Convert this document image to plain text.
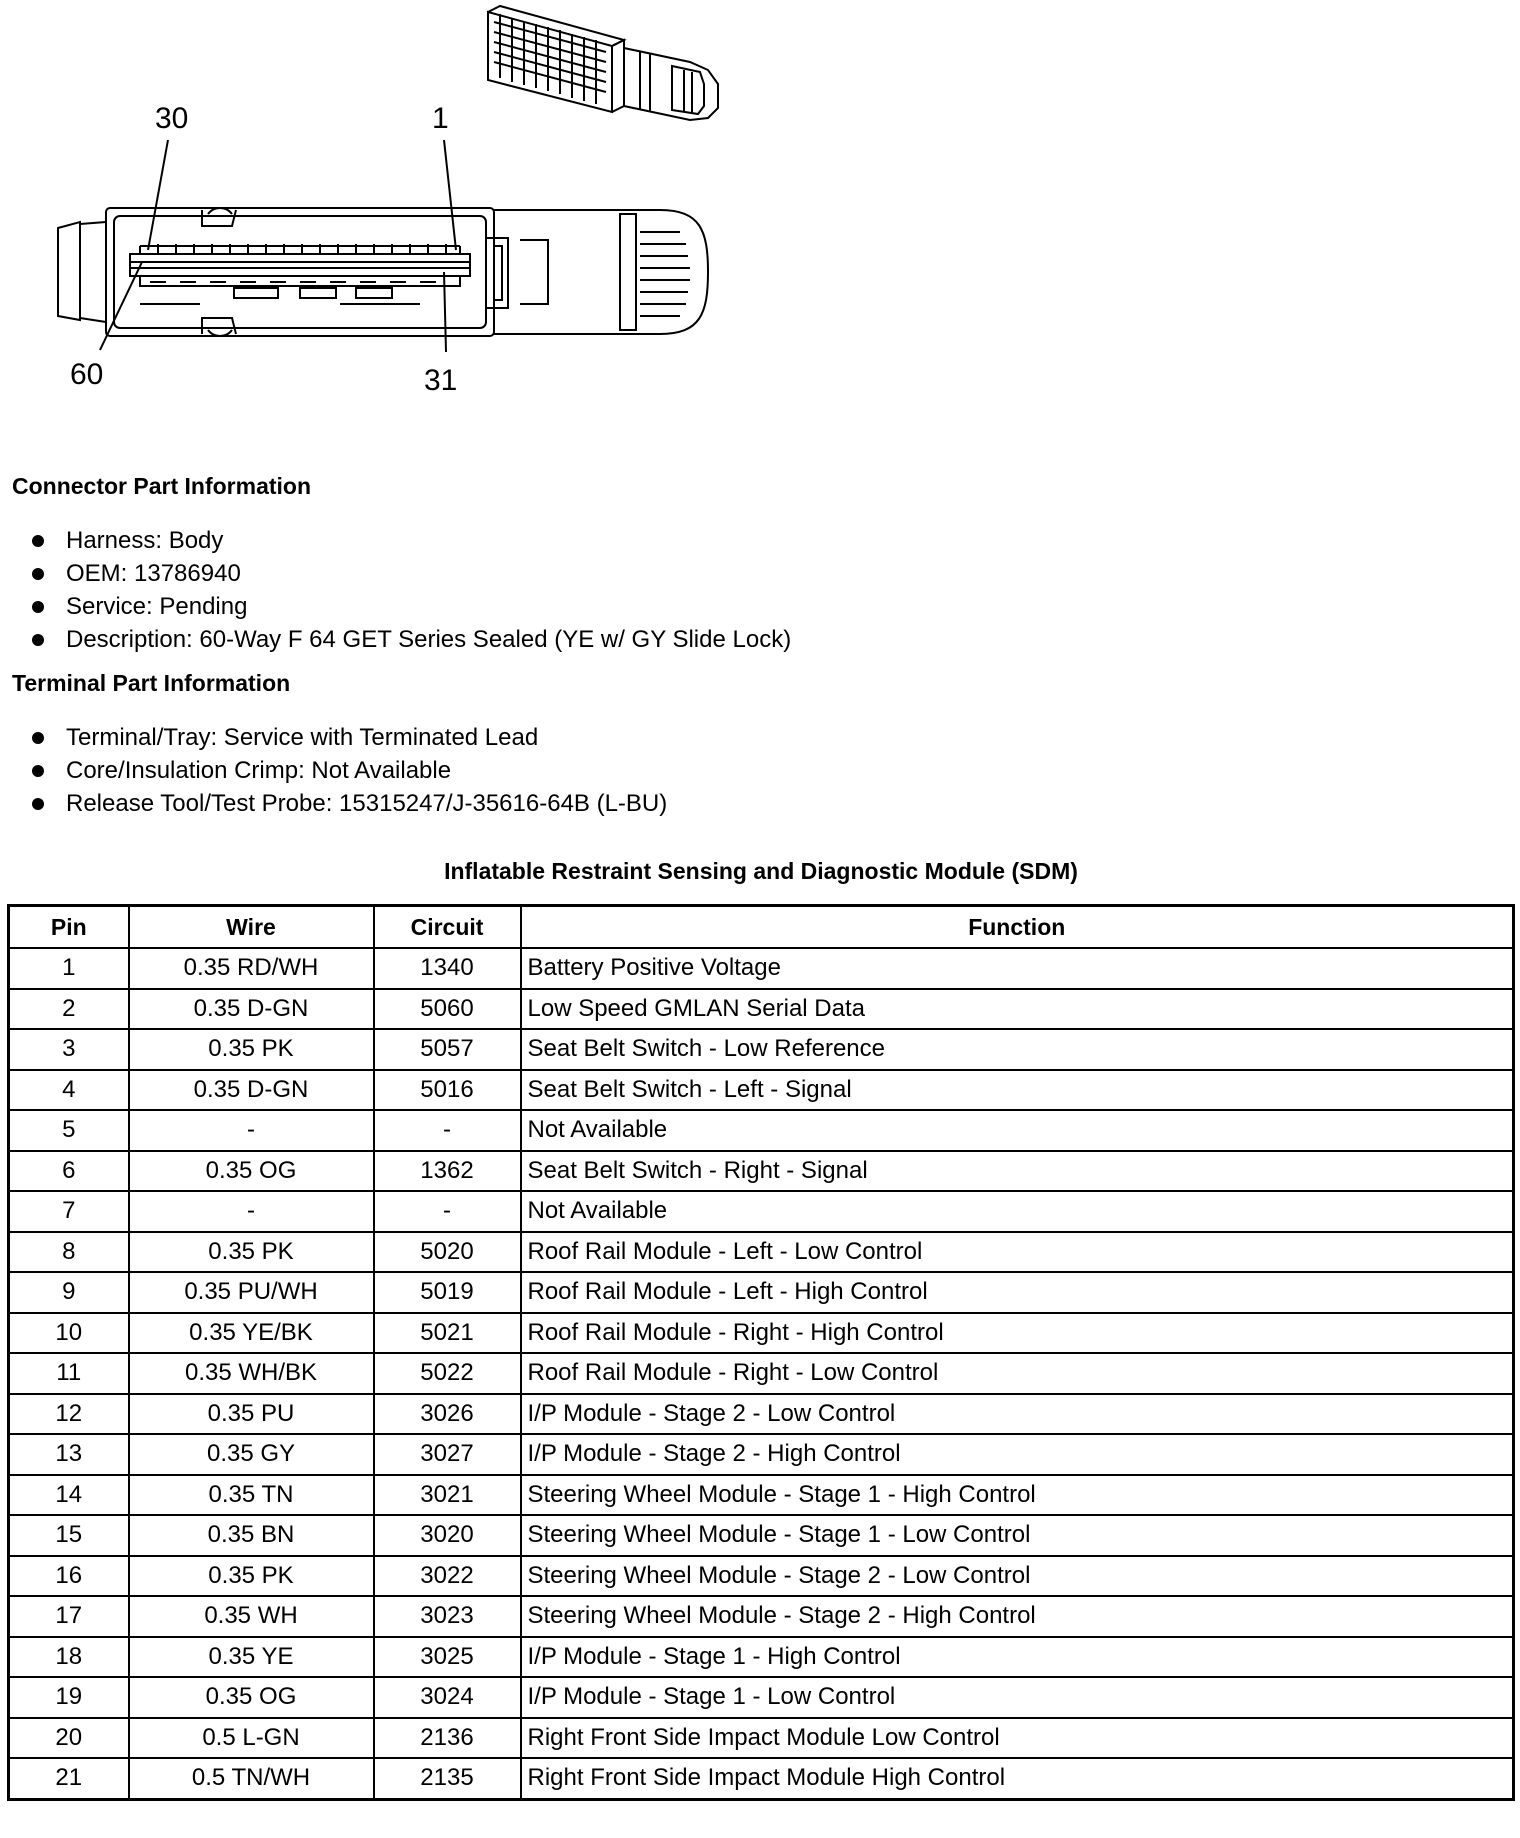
30	1
60	31
Connector Part Information
Harness: Body
OEM: 13786940
Service: Pending
Description: 60-Way F 64 GET Series Sealed (YE w/ GY Slide Lock)
Terminal Part Information
Terminal/Tray: Service with Terminated Lead
Core/Insulation Crimp: Not Available
Release Tool/Test Probe: 15315247/J-35616-64B (L-BU)
Inflatable Restraint Sensing and Diagnostic Module (SDM)
Pin	Wire	Circuit	Function
1	0.35 RD/WH	1340	Battery Positive Voltage
2	0.35 D-GN	5060	Low Speed GMLAN Serial Data
3	0.35 PK	5057	Seat Belt Switch - Low Reference
4	0.35 D-GN	5016	Seat Belt Switch - Left - Signal
5	-	-	Not Available
6	0.35 OG	1362	Seat Belt Switch - Right - Signal
7	-	-	Not Available
8	0.35 PK	5020	Roof Rail Module - Left - Low Control
9	0.35 PU/WH	5019	Roof Rail Module - Left - High Control
10	0.35 YE/BK	5021	Roof Rail Module - Right - High Control
11	0.35 WH/BK	5022	Roof Rail Module - Right - Low Control
12	0.35 PU	3026	I/P Module - Stage 2 - Low Control
13	0.35 GY	3027	I/P Module - Stage 2 - High Control
14	0.35 TN	3021	Steering Wheel Module - Stage 1 - High Control
15	0.35 BN	3020	Steering Wheel Module - Stage 1 - Low Control
16	0.35 PK	3022	Steering Wheel Module - Stage 2 - Low Control
17	0.35 WH	3023	Steering Wheel Module - Stage 2 - High Control
18	0.35 YE	3025	I/P Module - Stage 1 - High Control
19	0.35 OG	3024	I/P Module - Stage 1 - Low Control
20	0.5 L-GN	2136	Right Front Side Impact Module Low Control
21	0.5 TN/WH	2135	Right Front Side Impact Module High Control
